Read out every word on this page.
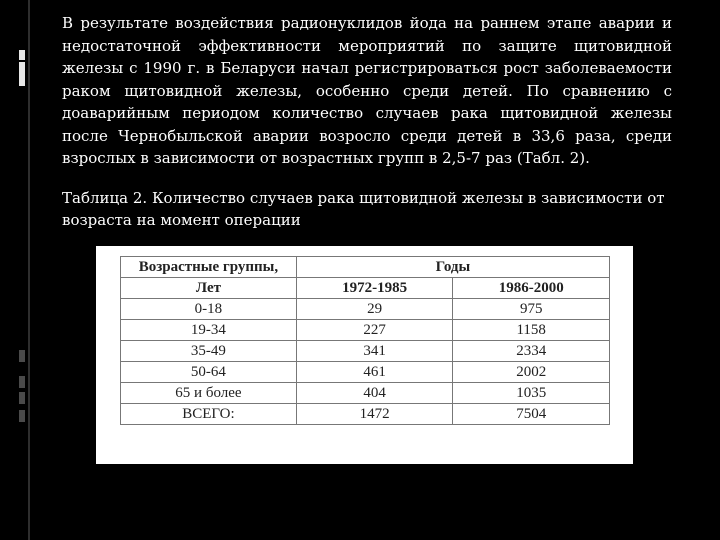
В результате воздействия радионуклидов йода на раннем этапе аварии и недостаточной эффективности мероприятий по защите щитовидной железы с 1990 г. в Беларуси начал регистрироваться рост заболеваемости раком щитовидной железы, особенно среди детей. По сравнению с доаварийным периодом количество случаев рака щитовидной железы после Чернобыльской аварии возросло среди детей в 33,6 раза, среди взрослых в зависимости от возрастных групп в 2,5-7 раз (Табл. 2).

Таблица 2. Количество случаев рака щитовидной железы в зависимости от возраста на момент операции

Возрастные группы,	Годы	
Лет	1972-1985	1986-2000
0-18	29	975
19-34	227	1158
35-49	341	2334
50-64	461	2002
65 и более	404	1035
ВСЕГО:	1472	7504
